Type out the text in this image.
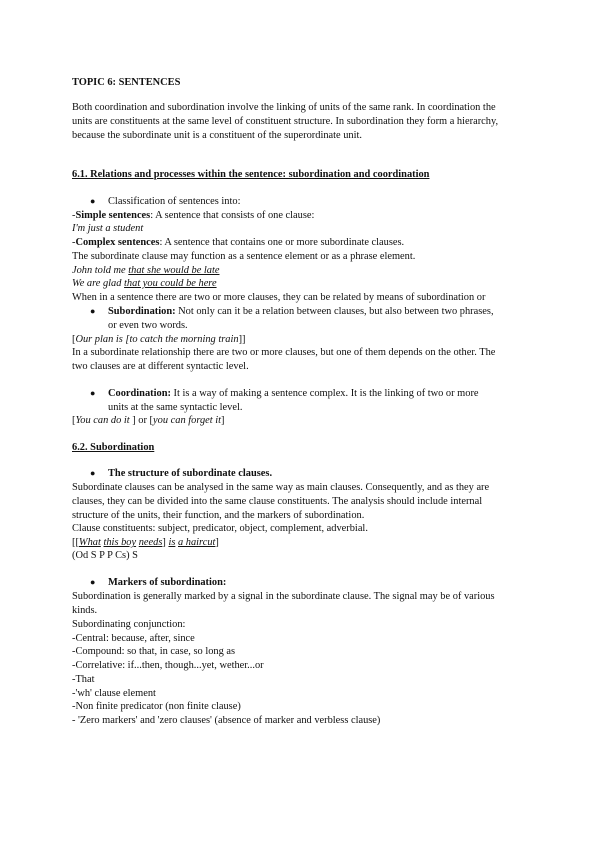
TOPIC 6: SENTENCES
Both coordination and subordination involve the linking of units of the same rank. In coordination the
units are constituents at the same level of constituent structure. In subordination they form a hierarchy,
because the subordinate unit is a constituent of the superordinate unit.
6.1. Relations and processes within the sentence: subordination and coordination
● Classification of sentences into:
-Simple sentences: A sentence that consists of one clause:
I'm just a student
-Complex sentences: A sentence that contains one or more subordinate clauses.
The subordinate clause may function as a sentence element or as a phrase element.
John told me that she would be late
We are glad that you could be here
When in a sentence there are two or more clauses, they can be related by means of subordination or
● Subordination: Not only can it be a relation between clauses, but also between two phrases,
or even two words.
[Our plan is [to catch the morning train]]
In a subordinate relationship there are two or more clauses, but one of them depends on the other. The
two clauses are at different syntactic level.
● Coordination: It is a way of making a sentence complex. It is the linking of two or more
units at the same syntactic level.
[You can do it ] or [you can forget it]
6.2. Subordination
● The structure of subordinate clauses.
Subordinate clauses can be analysed in the same way as main clauses. Consequently, and as they are
clauses, they can be divided into the same clause constituents. The analysis should include internal
structure of the units, their function, and the markers of subordination.
Clause constituents: subject, predicator, object, complement, adverbial.
[[What this boy needs] is a haircut]
(Od S P P Cs) S
● Markers of subordination:
Subordination is generally marked by a signal in the subordinate clause. The signal may be of various
kinds.
Subordinating conjunction:
-Central: because, after, since
-Compound: so that, in case, so long as
-Correlative: if...then, though...yet, wether...or
-That
-'wh' clause element
-Non finite predicator (non finite clause)
- 'Zero markers' and 'zero clauses' (absence of marker and verbless clause)
